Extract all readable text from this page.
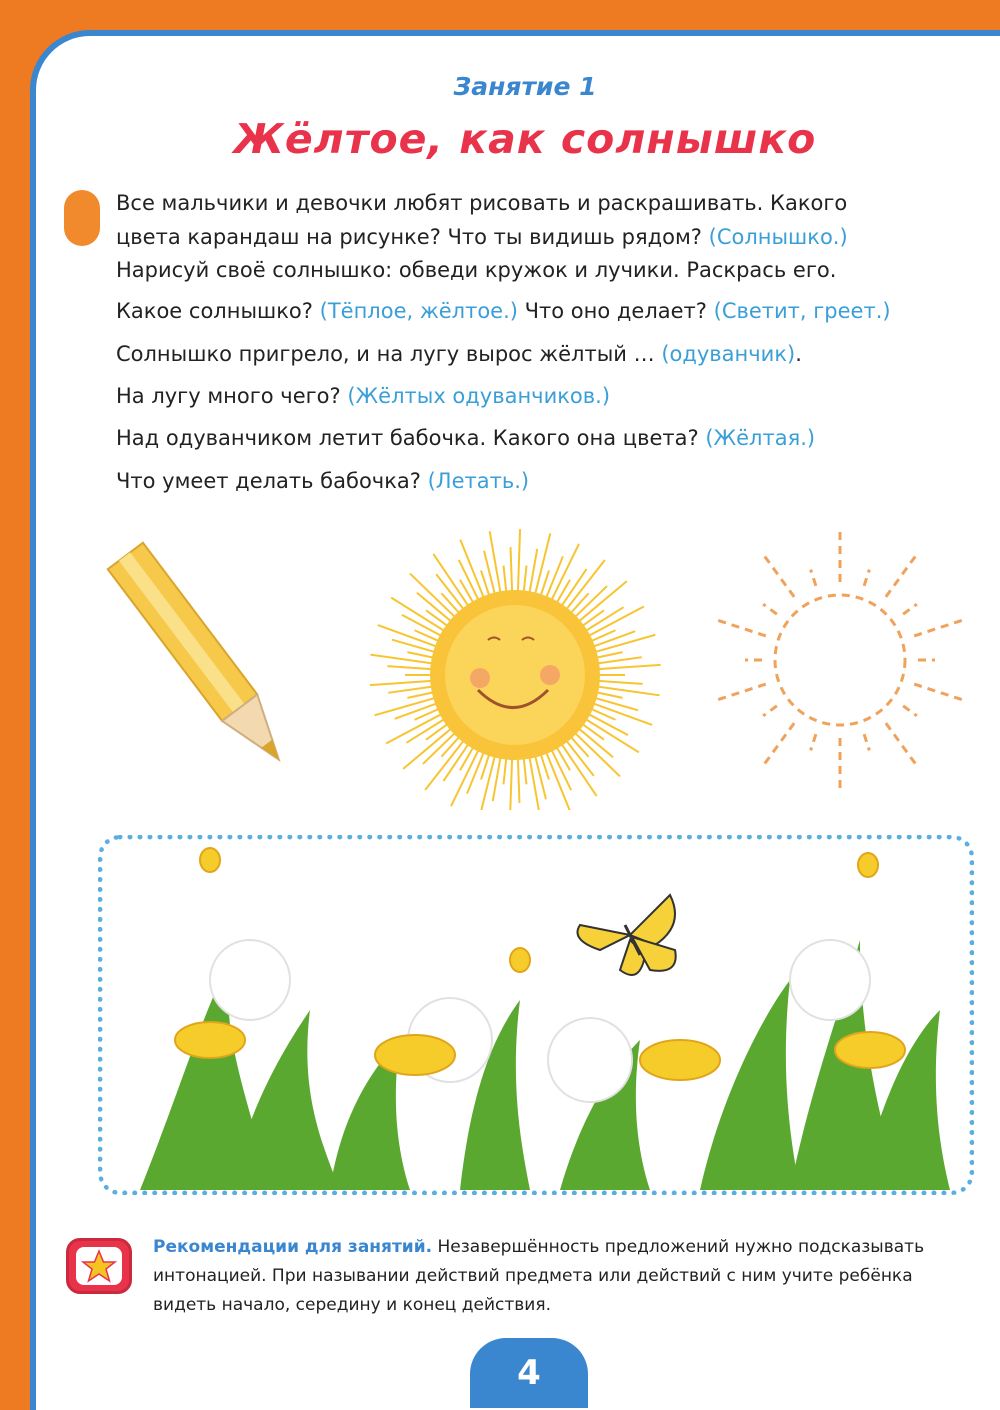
Занятие 1
Жёлтое, как солнышко
Все мальчики и девочки любят рисовать и раскрашивать. Какого
цвета карандаш на рисунке? Что ты видишь рядом? (Солнышко.)
Нарисуй своё солнышко: обведи кружок и лучики. Раскрась его.
Какое солнышко? (Тёплое, жёлтое.) Что оно делает? (Светит, греет.)
Солнышко пригрело, и на лугу вырос жёлтый … (одуванчик).
На лугу много чего? (Жёлтых одуванчиков.)
Над одуванчиком летит бабочка. Какого она цвета? (Жёлтая.)
Что умеет делать бабочка? (Летать.)
Рекомендации для занятий. Незавершённость предложений нужно подсказывать интонацией. При назывании действий предмета или действий с ним учите ребёнка видеть начало, середину и конец действия.
4
